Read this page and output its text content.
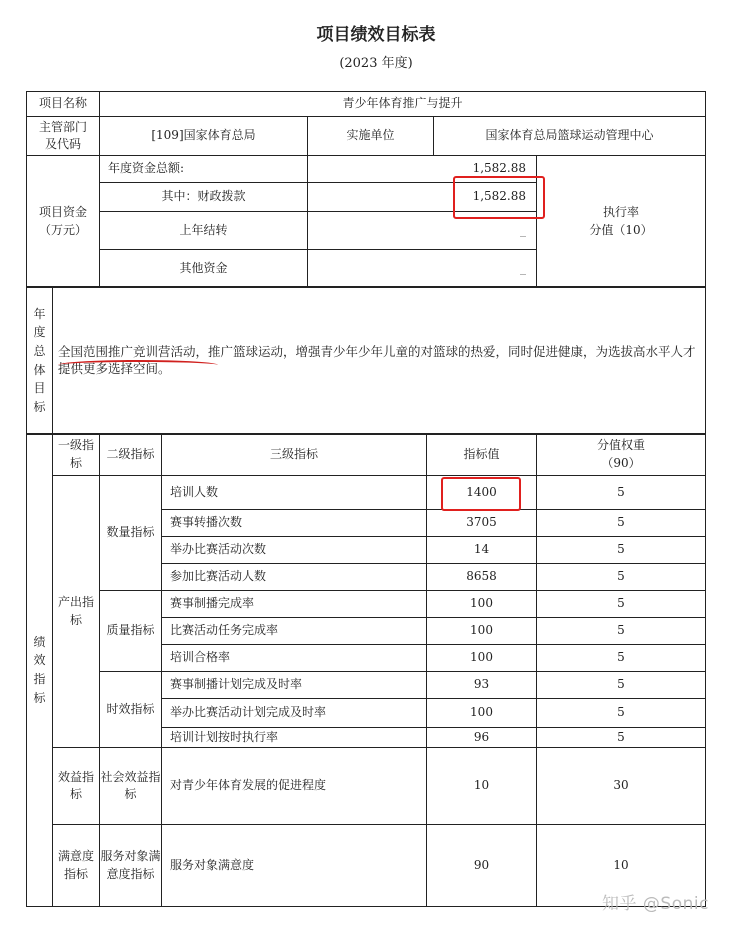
项目绩效目标表
(2023 年度)
项目名称	青少年体育推广与提升		
主管部门
及代码	[109]国家体育总局	实施单位	国家体育总局篮球运动管理中心
项目资金
（万元）	年度资金总额:	1,582.88	执行率
分值（10）
	其中：财政拨款	1,582.88	
	上年结转	_	
	其他资金	_	
年
度
总
体
目
标	全国范围推广竞训营活动，推广篮球运动，增强青少年少年儿童的对篮球的热爱，同时促进健康，为选拔高水平人才提供更多选择空间。
绩
效
指
标	一级指标	二级指标	三级指标	指标值	分值权重
（90）
	产出指标	数量指标	培训人数	1400	5
			赛事转播次数	3705	5
			举办比赛活动次数	14	5
			参加比赛活动人数	8658	5
		质量指标	赛事制播完成率	100	5
			比赛活动任务完成率	100	5
			培训合格率	100	5
		时效指标	赛事制播计划完成及时率	93	5
			举办比赛活动计划完成及时率	100	5
			培训计划按时执行率	96	5
	效益指标	社会效益指标	对青少年体育发展的促进程度	10	30
	满意度指标	服务对象满意度指标	服务对象满意度	90	10
知乎 @Sonic
